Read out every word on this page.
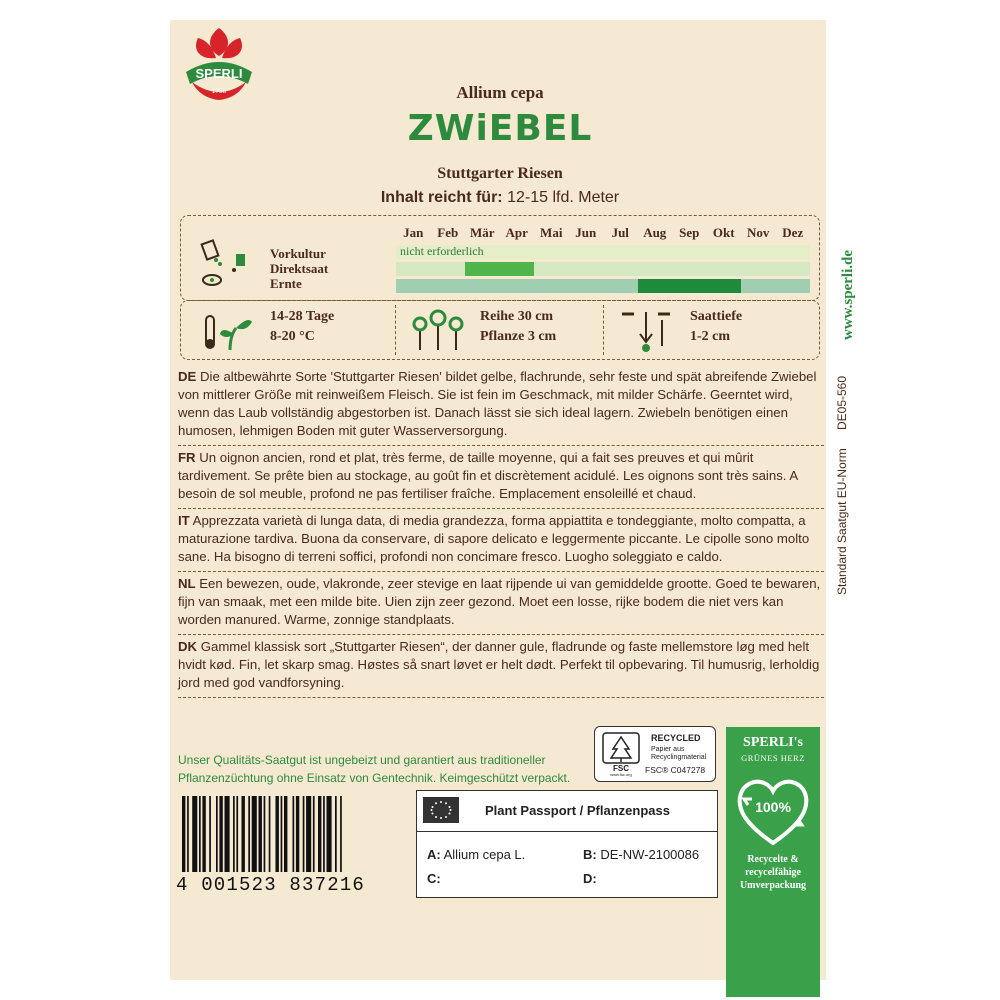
SPERLI
1788	Allium cepa
ZWiEBEL
Stuttgarter Riesen
Inhalt reicht für: 12-15 lfd. Meter
www.sperli.de
DE05-560
Standard Saatgut EU-Norm
Vorkultur
Direktsaat
Ernte
Jan	Feb Mär Apr Mai Jun	Jul	Aug Sep	Okt Nov Dez
nicht erforderlich
14-28 Tage
8-20 °C
Reihe 30 cm
Pflanze 3 cm
Saattiefe
1-2 cm
DE Die altbewährte Sorte 'Stuttgarter Riesen' bildet gelbe, flachrunde, sehr feste und spät abreifende Zwiebel von mittlerer Größe mit reinweißem Fleisch. Sie ist fein im Geschmack, mit milder Schärfe. Geerntet wird, wenn das Laub vollständig abgestorben ist. Danach lässt sie sich ideal lagern. Zwiebeln benötigen einen humosen, lehmigen Boden mit guter Wasserversorgung.
FR Un oignon ancien, rond et plat, très ferme, de taille moyenne, qui a fait ses preuves et qui mûrit tardivement. Se prête bien au stockage, au goût fin et discrètement acidulé. Les oignons sont très sains. A besoin de sol meuble, profond ne pas fertiliser fraîche. Emplacement ensoleillé et chaud.
IT Apprezzata varietà di lunga data, di media grandezza, forma appiattita e tondeggiante, molto compatta, a maturazione tardiva. Buona da conservare, di sapore delicato e leggermente piccante. Le cipolle sono molto sane. Ha bisogno di terreni soffici, profondi non concimare fresco. Luogho soleggiato e caldo.
NL Een bewezen, oude, vlakronde, zeer stevige en laat rijpende ui van gemiddelde grootte. Goed te bewaren, fijn van smaak, met een milde bite. Uien zijn zeer gezond. Moet een losse, rijke bodem die niet vers kan worden manured. Warme, zonnige standplaats.
DK Gammel klassisk sort „Stuttgarter Riesen“, der danner gule, fladrunde og faste mellemstore løg med helt hvidt kød. Fin, let skarp smag. Høstes så snart løvet er helt dødt. Perfekt til opbevaring. Til humusrig, lerholdig jord med god vandforsyning.
Unser Qualitäts-Saatgut ist ungebeizt und garantiert aus traditioneller Pflanzenzüchtung ohne Einsatz von Gentechnik. Keimgeschützt verpackt.
FSC
www.fsc.org
RECYCLED
Papier aus
Recyclingmaterial
FSC® C047278
Plant Passport / Pflanzenpass
A: Allium cepa L.	B: DE-NW-2100086
C:	D:
4 001523 837216
SPERLI's
GRÜNES HERZ
100%
Recycelte &
recycelfähige
Umverpackung
